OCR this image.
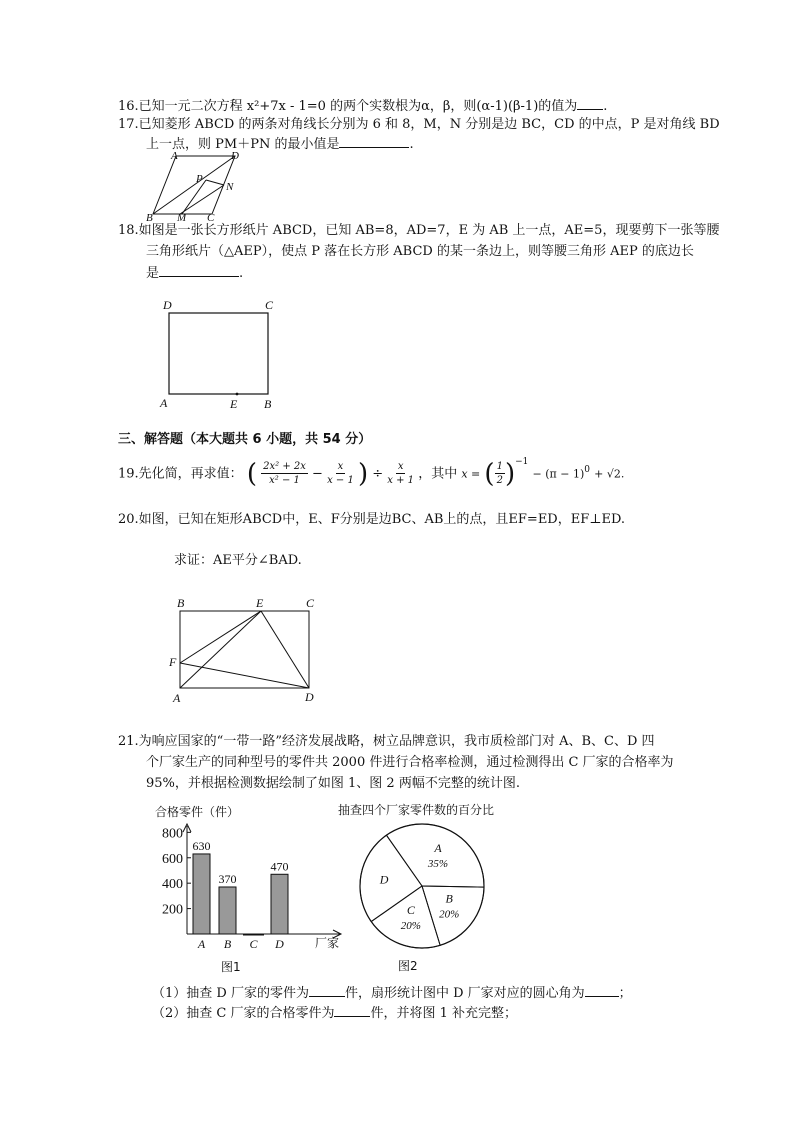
16.已知一元二次方程 x²+7x - 1=0 的两个实数根为α，β，则(α-1)(β-1)的值为 .
17.已知菱形 ABCD 的两条对角线长分别为 6 和 8，M，N 分别是边 BC，CD 的中点，P 是对角线 BD
上一点，则 PM＋PN 的最小值是	.
A	D
P
N
B M C
18.如图是一张长方形纸片 ABCD，已知 AB=8，AD=7，E 为 AB 上一点，AE=5，现要剪下一张等腰
三角形纸片（△AEP），使点 P 落在长方形 ABCD 的某一条边上，则等腰三角形 AEP 的底边长
是	.
D	C
A	E B
三、解答题（本大题共 6 小题，共 54 分）
19.先化简，再求值： ( $\frac{\text{2x² + 2x}}{\text{x² − 1}} - \frac{x}{x - 1}$ ) ÷ $\frac{x}{x + 1}$ ，其中 x = ( $\frac{1}{2} )^{-1} - (\pi - 1)^0 + √2$.
20.如图，已知在矩形ABCD中，E、F分别是边BC、AB上的点，且EF=ED，EF⊥ED.
求证：AE平分∠BAD.
B	E	C
F
A	D
21.为响应国家的“一带一路”经济发展战略，树立品牌意识，我市质检部门对 A、B、C、D 四
个厂家生产的同种型号的零件共 2000 件进行合格率检测，通过检测得出 C 厂家的合格率为
95%，并根据检测数据绘制了如图 1、图 2 两幅不完整的统计图.
合格零件（件）
200
400
600
800
630
A
370
B C
470
D	厂家
图1
抽查四个厂家零件数的百分比
A
35%
B
20%
C
20%
D
图2
（1）抽查 D 厂家的零件为	件，扇形统计图中 D 厂家对应的圆心角为	；
（2）抽查 C 厂家的合格零件为	件，并将图 1 补充完整；
